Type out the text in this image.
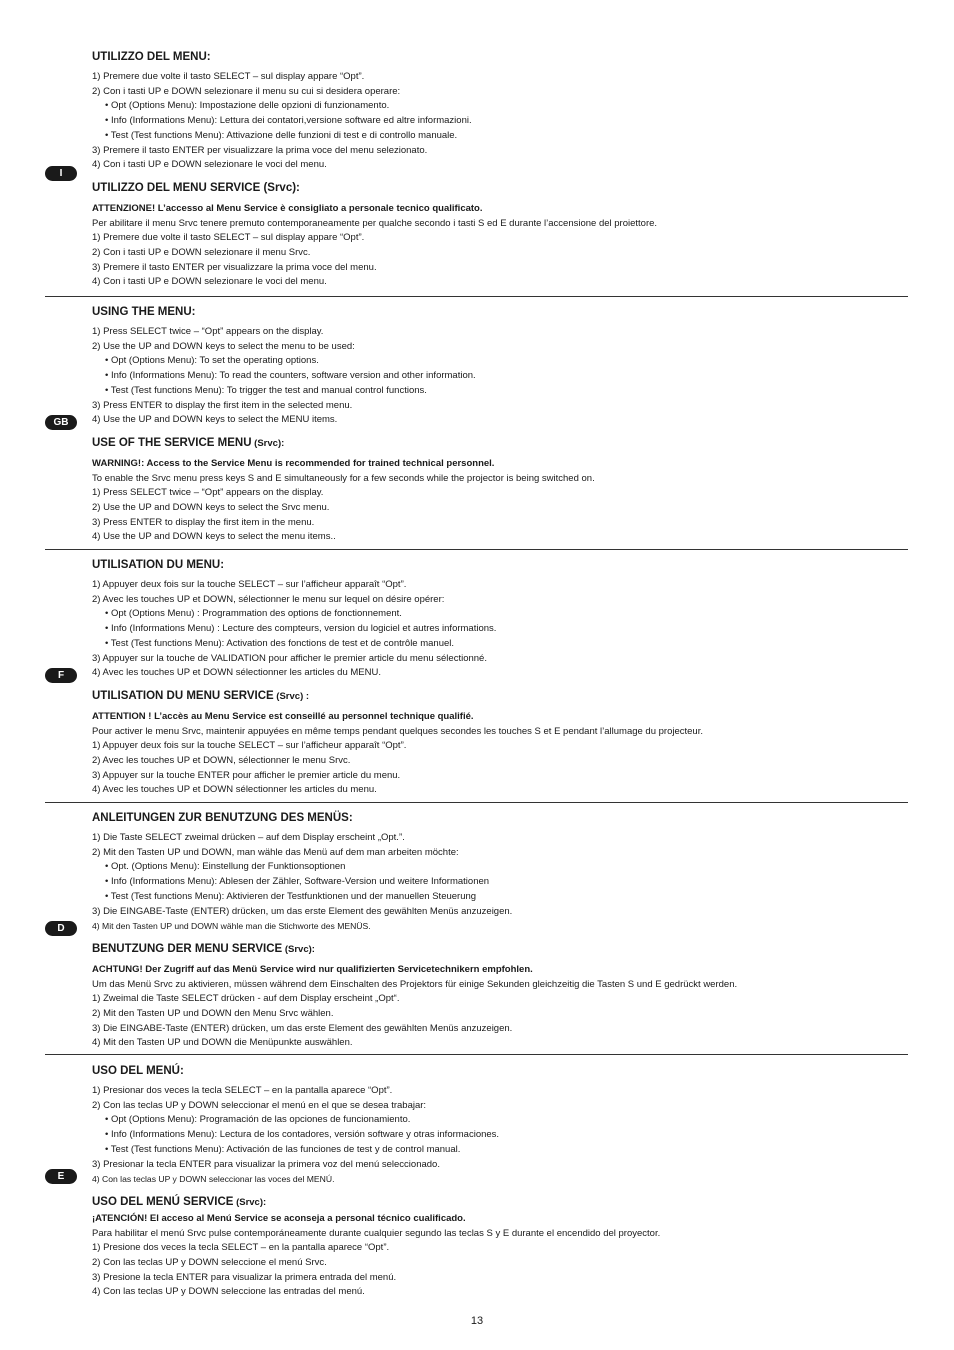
I

UTILIZZO DEL MENU:

1) Premere due volte il tasto SELECT – sul display appare “Opt”.

2) Con i tasti UP e DOWN selezionare il menu su cui si desidera operare:

• Opt (Options Menu): Impostazione delle opzioni di funzionamento.

• Info (Informations Menu): Lettura dei contatori,versione software ed altre informazioni.

• Test (Test functions Menu): Attivazione delle funzioni di test e di controllo manuale.

3) Premere il tasto ENTER per visualizzare la prima voce del menu selezionato.

4) Con i tasti UP e DOWN selezionare le voci del menu.

UTILIZZO DEL MENU SERVICE (Srvc):

ATTENZIONE! L’accesso al Menu Service è consigliato a personale tecnico qualificato.

Per abilitare il menu Srvc tenere premuto contemporaneamente per qualche secondo i tasti S ed E durante l’accensione del proiettore.

1) Premere due volte il tasto SELECT – sul display appare “Opt”.

2) Con i tasti UP e DOWN selezionare il menu Srvc.

3) Premere il tasto ENTER per visualizzare la prima voce del menu.

4) Con i tasti UP e DOWN selezionare le voci del menu.

GB

USING THE MENU:

1) Press SELECT twice – “Opt” appears on the display.

2) Use the UP and DOWN keys to select the menu to be used:

• Opt (Options Menu): To set the operating options.

• Info (Informations Menu): To read the counters, software version and other information.

• Test (Test functions Menu): To trigger the test and manual control functions.

3) Press ENTER to display the first item in the selected menu.

4) Use the UP and DOWN keys to select the MENU items.

USE OF THE SERVICE MENU (Srvc):

WARNING!: Access to the Service Menu is recommended for trained technical personnel.

To enable the Srvc menu press keys S and E simultaneously for a few seconds while the projector is being switched on.

1) Press SELECT twice – “Opt” appears on the display.

2) Use the UP and DOWN keys to select the Srvc menu.

3) Press ENTER to display the first item in the menu.

4) Use the UP and DOWN keys to select the menu items..

F

UTILISATION DU MENU:

1) Appuyer deux fois sur la touche SELECT – sur l’afficheur apparaît “Opt”.

2) Avec les touches UP et DOWN, sélectionner le menu sur lequel on désire opérer:

• Opt (Options Menu) : Programmation des options de fonctionnement.

• Info (Informations Menu) : Lecture des compteurs, version du logiciel et autres informations.

• Test (Test functions Menu): Activation des fonctions de test et de contrôle manuel.

3) Appuyer sur la touche de VALIDATION pour afficher le premier article du menu sélectionné.

4) Avec les touches UP et DOWN sélectionner les articles du MENU.

UTILISATION DU MENU SERVICE (Srvc) :

ATTENTION ! L’accès au Menu Service est conseillé au personnel technique qualifié.

Pour activer le menu Srvc, maintenir appuyées en même temps pendant quelques secondes les touches S et E pendant l’allumage du projecteur.

1) Appuyer deux fois sur la touche SELECT – sur l’afficheur apparaît “Opt”.

2) Avec les touches UP et DOWN, sélectionner le menu Srvc.

3) Appuyer sur la touche ENTER pour afficher le premier article du menu.

4) Avec les touches UP et DOWN sélectionner les articles du menu.

D

ANLEITUNGEN ZUR BENUTZUNG DES MENÜS:

1) Die Taste SELECT zweimal drücken – auf dem Display erscheint „Opt.”.

2) Mit den Tasten UP und DOWN, man wähle das Menü auf dem man arbeiten möchte:

• Opt. (Options Menu): Einstellung der Funktionsoptionen

• Info (Informations Menu): Ablesen der Zähler, Software-Version und weitere Informationen

• Test (Test functions Menu): Aktivieren der Testfunktionen und der manuellen Steuerung

3) Die EINGABE-Taste (ENTER) drücken, um das erste Element des gewählten Menüs anzuzeigen.

4) Mit den Tasten UP und DOWN wähle man die Stichworte des MENÜS.

BENUTZUNG DER MENU SERVICE (Srvc):

ACHTUNG! Der Zugriff auf das Menü Service wird nur qualifizierten Servicetechnikern empfohlen.

Um das Menü Srvc zu aktivieren, müssen während dem Einschalten des Projektors für einige Sekunden gleichzeitig die Tasten S und E gedrückt werden.

1) Zweimal die Taste SELECT drücken - auf dem Display erscheint „Opt“.

2) Mit den Tasten UP und DOWN den Menu Srvc wählen.

3) Die EINGABE-Taste (ENTER) drücken, um das erste Element des gewählten Menüs anzuzeigen.

4) Mit den Tasten UP und DOWN die Menüpunkte auswählen.

E

USO DEL MENÚ:

1) Presionar dos veces la tecla SELECT – en la pantalla aparece “Opt”.

2) Con las teclas UP y DOWN seleccionar el menú en el que se desea trabajar:

• Opt (Options Menu): Programación de las opciones de funcionamiento.

• Info (Informations Menu): Lectura de los contadores, versión software y otras informaciones.

• Test (Test functions Menu): Activación de las funciones de test y de control manual.

3) Presionar la tecla ENTER para visualizar la primera voz del menú seleccionado.

4) Con las teclas UP y DOWN seleccionar las voces del MENÚ.

USO DEL MENÚ SERVICE (Srvc):

¡ATENCIÓN! El acceso al Menú Service se aconseja a personal técnico cualificado.

Para habilitar el menú Srvc pulse contemporáneamente durante cualquier segundo las teclas S y E durante el encendido del proyector.

1) Presione dos veces la tecla SELECT – en la pantalla aparece “Opt”.

2) Con las teclas UP y DOWN seleccione el menú Srvc.

3) Presione la tecla ENTER para visualizar la primera entrada del menú.

4) Con las teclas UP y DOWN seleccione las entradas del menú.

13
